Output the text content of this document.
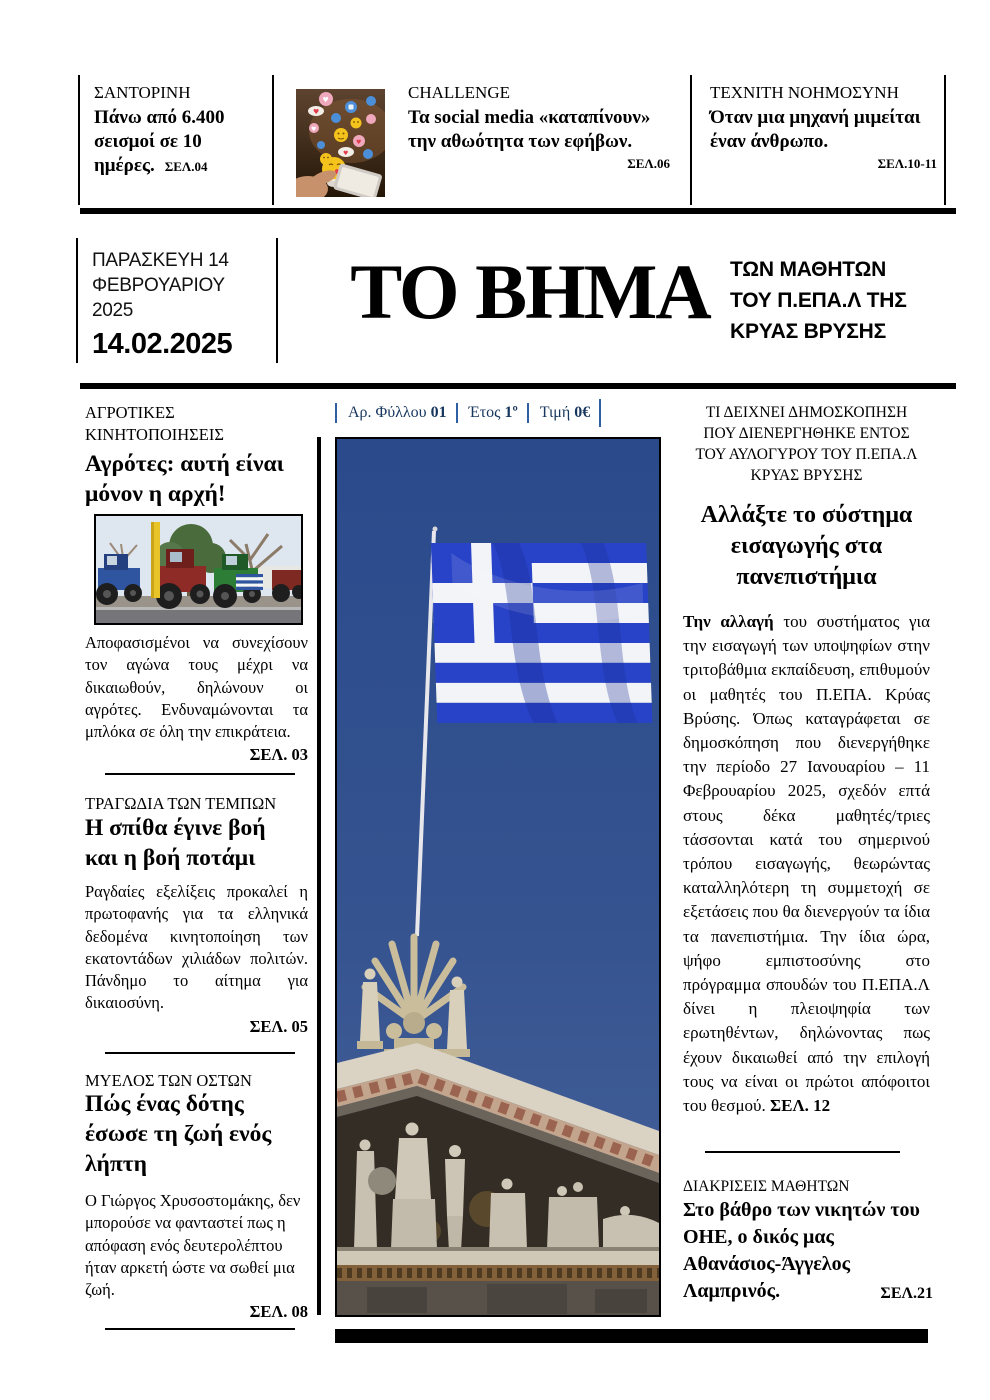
ΣΑΝΤΟΡΙΝΗ
Πάνω από 6.400 σεισμοί σε 10 ημέρες. ΣΕΛ.04
♥
♥
♥
♥
♥
CHALLENGE
Τα social media «καταπίνουν» την αθωότητα των εφήβων.
ΣΕΛ.06
ΤΕΧΝΙΤΗ ΝΟΗΜΟΣΥΝΗ
Όταν μια μηχανή μιμείται έναν άνθρωπο.
ΣΕΛ.10-11
ΠΑΡΑΣΚΕΥΗ 14
ΦΕΒΡΟΥΑΡΙΟΥ 2025
14.02.2025
ΤΟ ΒΗΜΑ ΤΩΝ ΜΑΘΗΤΩΝ
ΤΟΥ Π.ΕΠΑ.Λ ΤΗΣ
ΚΡΥΑΣ ΒΡΥΣΗΣ
Αρ. Φύλλου 01	Έτος 1º	Τιμή 0€
ΑΓΡΟΤΙΚΕΣ ΚΙΝΗΤΟΠΟΙΗΣΕΙΣ
Αγρότες: αυτή είναι
μόνον η αρχή!
Αποφασισμένοι να συνεχίσουν τον αγώνα τους μέχρι να δικαιωθούν, δηλώνουν οι αγρότες. Ενδυναμώνονται τα μπλόκα σε όλη την επικράτεια.
ΣΕΛ. 03
ΤΡΑΓΩΔΙΑ ΤΩΝ ΤΕΜΠΩΝ
Η σπίθα έγινε βοή
και η βοή ποτάμι
Ραγδαίες εξελίξεις προκαλεί η πρωτοφανής για τα ελληνικά δεδομένα κινητοποίηση των εκατοντάδων χιλιάδων πολιτών. Πάνδημο το αίτημα για δικαιοσύνη.
ΣΕΛ. 05
ΜΥΕΛΟΣ ΤΩΝ ΟΣΤΩΝ
Πώς ένας δότης
έσωσε τη ζωή ενός
λήπτη
Ο Γιώργος Χρυσοστομάκης, δεν μπορούσε να φανταστεί πως η απόφαση ενός δευτερολέπτου ήταν αρκετή ώστε να σωθεί μια ζωή.
ΣΕΛ. 08
ΤΙ ΔΕΙΧΝΕΙ ΔΗΜΟΣΚΟΠΗΣΗ
ΠΟΥ ΔΙΕΝΕΡΓΗΘΗΚΕ ΕΝΤΟΣ
ΤΟΥ ΑΥΛΟΓΥΡΟΥ ΤΟΥ Π.ΕΠΑ.Λ
ΚΡΥΑΣ ΒΡΥΣΗΣ
Αλλάξτε το σύστημα εισαγωγής στα πανεπιστήμια
Την αλλαγή του συστήματος για την εισαγωγή των υποψηφίων στην τριτοβάθμια εκπαίδευση, επιθυμούν οι μαθητές του Π.ΕΠΑ. Κρύας Βρύσης. Όπως καταγράφεται σε δημοσκόπηση που διενεργήθηκε την περίοδο 27 Ιανουαρίου – 11 Φεβρουαρίου 2025, σχεδόν επτά στους δέκα μαθητές/τριες τάσσονται κατά του σημερινού τρόπου εισαγωγής, θεωρώντας καταλληλότερη τη συμμετοχή σε εξετάσεις που θα διενεργούν τα ίδια τα πανεπιστήμια. Την ίδια ώρα, ψήφο εμπιστοσύνης στο πρόγραμμα σπουδών του Π.ΕΠΑ.Λ δίνει η πλειοψηφία των ερωτηθέντων, δηλώνοντας πως έχουν δικαιωθεί από την επιλογή τους να είναι οι πρώτοι απόφοιτοι του θεσμού. ΣΕΛ. 12
ΔΙΑΚΡΙΣΕΙΣ ΜΑΘΗΤΩΝ
Στο βάθρο των νικητών του
ΟΗΕ, ο δικός μας
Αθανάσιος-Άγγελος
Λαμπρινός.	ΣΕΛ.21
